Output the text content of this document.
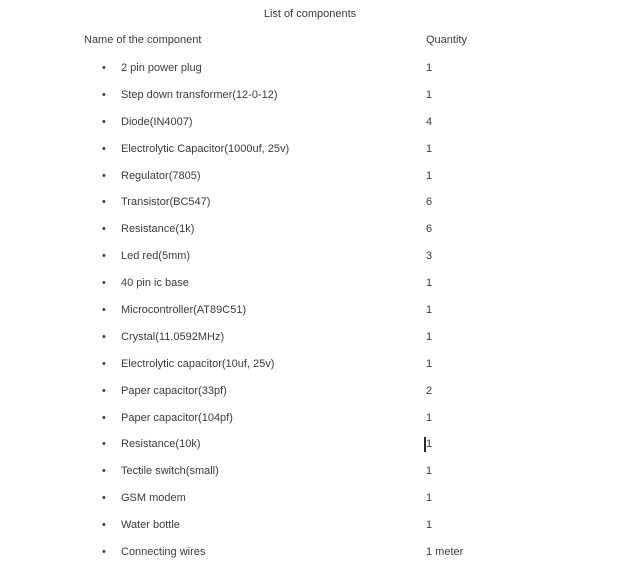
List of components
Name of the component	Quantity
• 2 pin power plug	1
• Step down transformer(12-0-12)	1
• Diode(IN4007)	4
• Electrolytic Capacitor(1000uf, 25v)	1
• Regulator(7805)	1
• Transistor(BC547)	6
• Resistance(1k)	6
• Led red(5mm)	3
• 40 pin ic base	1
• Microcontroller(AT89C51)	1
• Crystal(11.0592MHz)	1
• Electrolytic capacitor(10uf, 25v)	1
• Paper capacitor(33pf)	2
• Paper capacitor(104pf)	1
• Resistance(10k)	1
• Tectile switch(small)	1
• GSM modem	1
• Water bottle	1
• Connecting wires	1 meter
